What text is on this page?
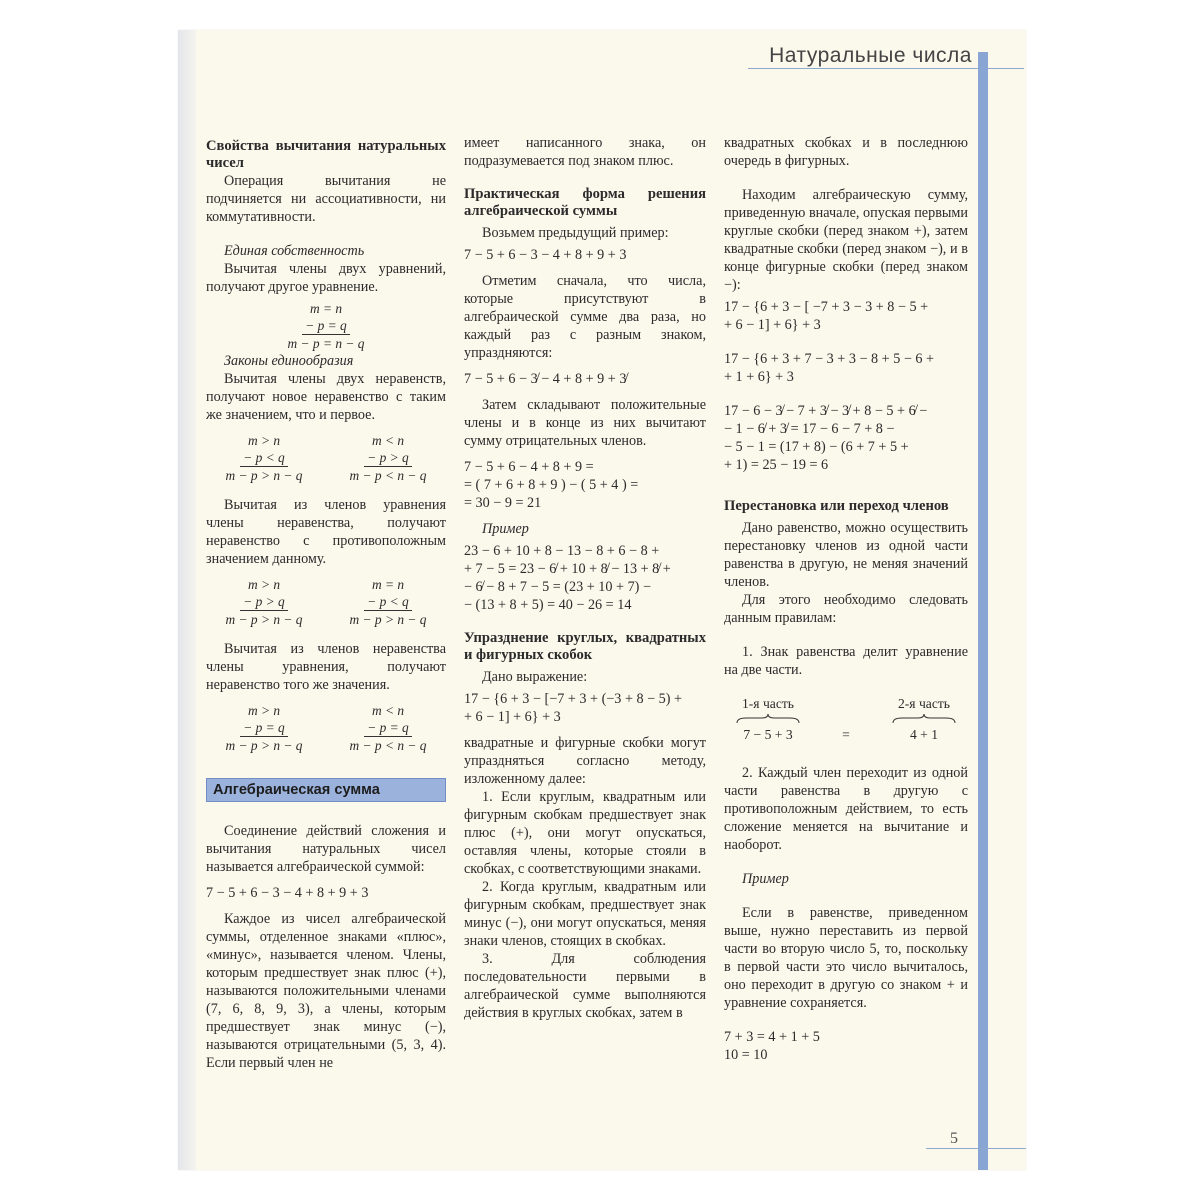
Натуральные числа

Свойства вычитания натуральных чисел

Операция вычитания не подчиняется ни ассоциативности, ни коммутативности.

Единая собственность

Вычитая члены двух уравнений, получают другое уравнение.

m = n
− p = q
m − p = n − q

Законы единообразия

Вычитая члены двух неравенств, получают новое неравенство с таким же значением, что и первое.

m > n
− p < q
m − p > n − q
m < n
− p > q
m − p < n − q

Вычитая из членов уравнения члены неравенства, получают неравенство с противоположным значением данному.

m > n
− p > q
m − p > n − q
m = n
− p < q
m − p > n − q

Вычитая из членов неравенства члены уравнения, получают неравенство того же значения.

m > n
− p = q
m − p > n − q
m < n
− p = q
m − p < n − q

Алгебраическая сумма

Соединение действий сложения и вычитания натуральных чисел называется алгебраической суммой:

7 − 5 + 6 − 3 − 4 + 8 + 9 + 3

Каждое из чисел алгебраической суммы, отделенное знаками «плюс», «минус», называется членом. Члены, которым предшествует знак плюс (+), называются положительными членами (7, 6, 8, 9, 3), а члены, которым предшествует знак минус (−), называются отрицательными (5, 3, 4). Если первый член не

имеет написанного знака, он подразумевается под знаком плюс.

Практическая форма решения алгебраической суммы

Возьмем предыдущий пример:

7 − 5 + 6 − 3 − 4 + 8 + 9 + 3

Отметим сначала, что числа, которые присутствуют в алгебраической сумме два раза, но каждый раз с разным знаком, упраздняются:

7 − 5 + 6 − 3̸ − 4 + 8 + 9 + 3̸

Затем складывают положительные члены и в конце из них вычитают сумму отрицательных членов.

7 − 5 + 6 − 4 + 8 + 9 =

= ( 7 + 6 + 8 + 9 ) − ( 5 + 4 ) =

= 30 − 9 = 21

Пример

23 − 6 + 10 + 8 − 13 − 8 + 6 − 8 +

+ 7 − 5 = 23 − 6̸ + 10 + 8̸ − 13 + 8̸ +

− 6̸ − 8 + 7 − 5 = (23 + 10 + 7) −

− (13 + 8 + 5) = 40 − 26 = 14

Упразднение круглых, квадратных и фигурных скобок

Дано выражение:

17 − {6 + 3 − [−7 + 3 + (−3 + 8 − 5) +

+ 6 − 1] + 6} + 3

квадратные и фигурные скобки могут упраздняться согласно методу, изложенному далее:

1. Если круглым, квадратным или фигурным скобкам предшествует знак плюс (+), они могут опускаться, оставляя члены, которые стояли в скобках, с соответствующими знаками.

2. Когда круглым, квадратным или фигурным скобкам, предшествует знак минус (−), они могут опускаться, меняя знаки членов, стоящих в скобках.

3. Для соблюдения последовательности первыми в алгебраической сумме выполняются действия в круглых скобках, затем в

квадратных скобках и в последнюю очередь в фигурных.

Находим алгебраическую сумму, приведенную вначале, опуская первыми круглые скобки (перед знаком +), затем квадратные скобки (перед знаком −), и в конце фигурные скобки (перед знаком −):

17 − {6 + 3 − [ −7 + 3 − 3 + 8 − 5 +

+ 6 − 1] + 6} + 3

17 − {6 + 3 + 7 − 3 + 3 − 8 + 5 − 6 +

+ 1 + 6} + 3

17 − 6 − 3̸ − 7 + 3̸ − 3̸ + 8 − 5 + 6̸ −

− 1 − 6̸ + 3̸ = 17 − 6 − 7 + 8 −

− 5 − 1 = (17 + 8) − (6 + 7 + 5 +

+ 1) = 25 − 19 = 6

Перестановка или переход членов

Дано равенство, можно осуществить перестановку членов из одной части равенства в другую, не меняя значений членов.

Для этого необходимо следовать данным правилам:

1. Знак равенства делит уравнение на две части.

1-я часть
7 − 5 + 3	=
2-я часть
4 + 1

2. Каждый член переходит из одной части равенства в другую с противоположным действием, то есть сложение меняется на вычитание и наоборот.

Пример

Если в равенстве, приведенном выше, нужно переставить из первой части во вторую число 5, то, поскольку в первой части это число вычиталось, оно переходит в другую со знаком + и уравнение сохраняется.

7 + 3 = 4 + 1 + 5

10 = 10

5
